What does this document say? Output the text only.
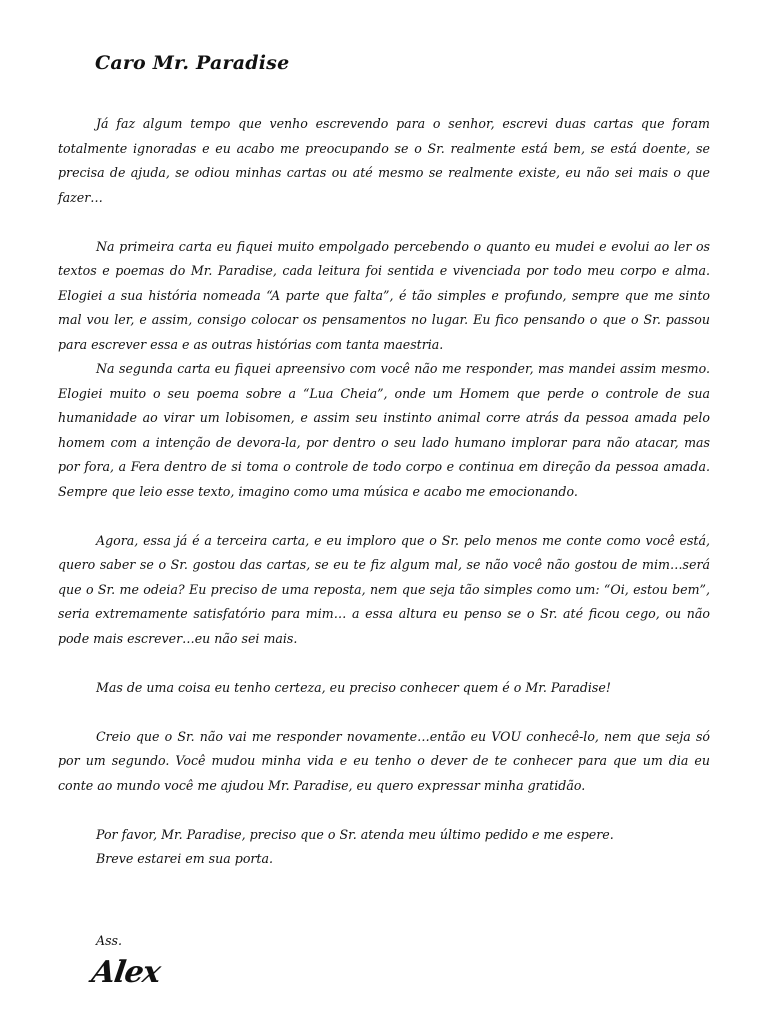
Caro Mr. Paradise

Já faz algum tempo que venho escrevendo para o senhor, escrevi duas cartas que foram totalmente ignoradas e eu acabo me preocupando se o Sr. realmente está bem, se está doente, se precisa de ajuda, se odiou minhas cartas ou até mesmo se realmente existe, eu não sei mais o que fazer…

Na primeira carta eu fiquei muito empolgado percebendo o quanto eu mudei e evolui ao ler os textos e poemas do Mr. Paradise, cada leitura foi sentida e vivenciada por todo meu corpo e alma. Elogiei a sua história nomeada “A parte que falta”, é tão simples e profundo, sempre que me sinto mal vou ler, e assim, consigo colocar os pensamentos no lugar. Eu fico pensando o que o Sr. passou para escrever essa e as outras histórias com tanta maestria.

Na segunda carta eu fiquei apreensivo com você não me responder, mas mandei assim mesmo. Elogiei muito o seu poema sobre a “Lua Cheia”, onde um Homem que perde o controle de sua humanidade ao virar um lobisomen, e assim seu instinto animal corre atrás da pessoa amada pelo homem com a intenção de devora-la, por dentro o seu lado humano implorar para não atacar, mas por fora, a Fera dentro de si toma o controle de todo corpo e continua em direção da pessoa amada. Sempre que leio esse texto, imagino como uma música e acabo me emocionando.

Agora, essa já é a terceira carta, e eu imploro que o Sr. pelo menos me conte como você está, quero saber se o Sr. gostou das cartas, se eu te fiz algum mal, se não você não gostou de mim…será que o Sr. me odeia? Eu preciso de uma reposta, nem que seja tão simples como um: “Oi, estou bem”, seria extremamente satisfatório para mim… a essa altura eu penso se o Sr. até ficou cego, ou não pode mais escrever…eu não sei mais.

Mas de uma coisa eu tenho certeza, eu preciso conhecer quem é o Mr. Paradise!

Creio que o Sr. não vai me responder novamente…então eu VOU conhecê-lo, nem que seja só por um segundo. Você mudou minha vida e eu tenho o dever de te conhecer para que um dia eu conte ao mundo você me ajudou Mr. Paradise, eu quero expressar minha gratidão.

Por favor, Mr. Paradise, preciso que o Sr. atenda meu último pedido e me espere.

Breve estarei em sua porta.

Ass.
Alex
